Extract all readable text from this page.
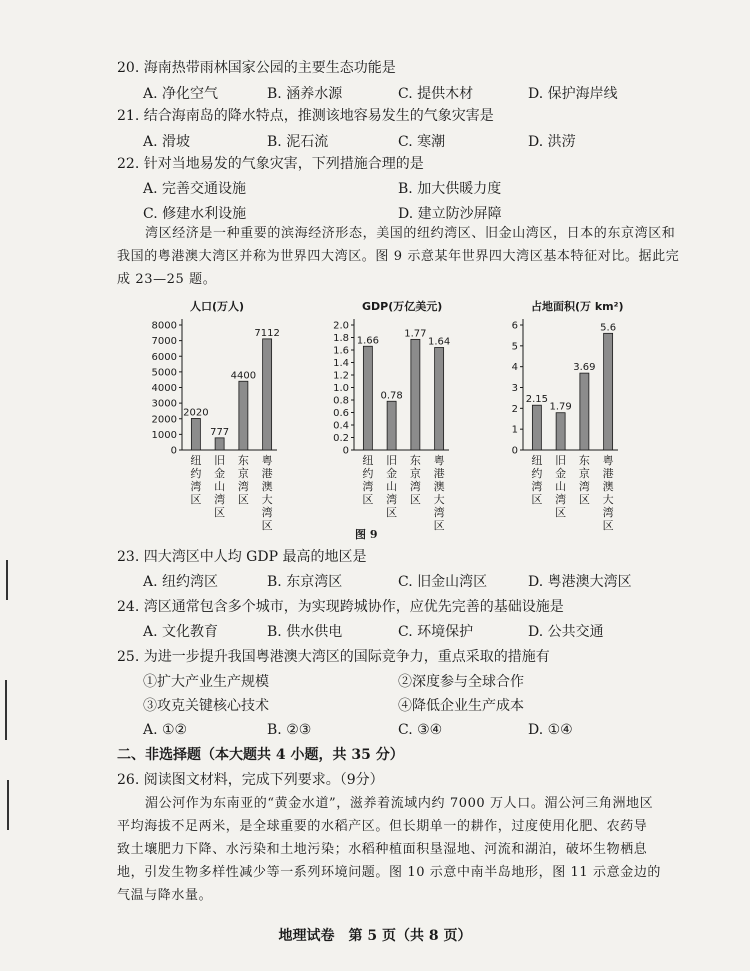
20. 海南热带雨林国家公园的主要生态功能是
A. 净化空气	B. 涵养水源	C. 提供木材	D. 保护海岸线
21. 结合海南岛的降水特点，推测该地容易发生的气象灾害是
A. 滑坡	B. 泥石流	C. 寒潮	D. 洪涝
22. 针对当地易发的气象灾害，下列措施合理的是
A. 完善交通设施	B. 加大供暖力度
C. 修建水利设施	D. 建立防沙屏障

湾区经济是一种重要的滨海经济形态，美国的纽约湾区、旧金山湾区，日本的东京湾区和

我国的粤港澳大湾区并称为世界四大湾区。图 9 示意某年世界四大湾区基本特征对比。据此完

成 23—25 题。

人口(万人)
0
1000
2000
3000
4000
5000
6000
7000
8000
2020
纽约湾区
777
旧金山湾区
4400
东京湾区
7112
粤港澳大湾区
GDP(万亿美元)
0
0.2
0.4
0.6
0.8
1.0
1.2
1.4
1.6
1.8
2.0
1.66
纽约湾区
0.78
旧金山湾区
1.77
东京湾区
1.64
粤港澳大湾区
占地面积(万 km²)
0
1
2
3
4
5
6
2.15
纽约湾区
1.79
旧金山湾区
3.69
东京湾区
5.6
粤港澳大湾区
图 9
23. 四大湾区中人均 GDP 最高的地区是
A. 纽约湾区	B. 东京湾区	C. 旧金山湾区	D. 粤港澳大湾区
24. 湾区通常包含多个城市，为实现跨城协作，应优先完善的基础设施是
A. 文化教育	B. 供水供电	C. 环境保护	D. 公共交通
25. 为进一步提升我国粤港澳大湾区的国际竞争力，重点采取的措施有
①扩大产业生产规模	②深度参与全球合作
③攻克关键核心技术	④降低企业生产成本
A. ①②	B. ②③	C. ③④	D. ①④
二、非选择题（本大题共 4 小题，共 35 分）
26. 阅读图文材料，完成下列要求。（9分）

湄公河作为东南亚的“黄金水道”，滋养着流域内约 7000 万人口。湄公河三角洲地区

平均海拔不足两米，是全球重要的水稻产区。但长期单一的耕作，过度使用化肥、农药导

致土壤肥力下降、水污染和土地污染；水稻种植面积垦湿地、河流和湖泊，破坏生物栖息

地，引发生物多样性减少等一系列环境问题。图 10 示意中南半岛地形，图 11 示意金边的

气温与降水量。

地理试卷　第 5 页（共 8 页）
